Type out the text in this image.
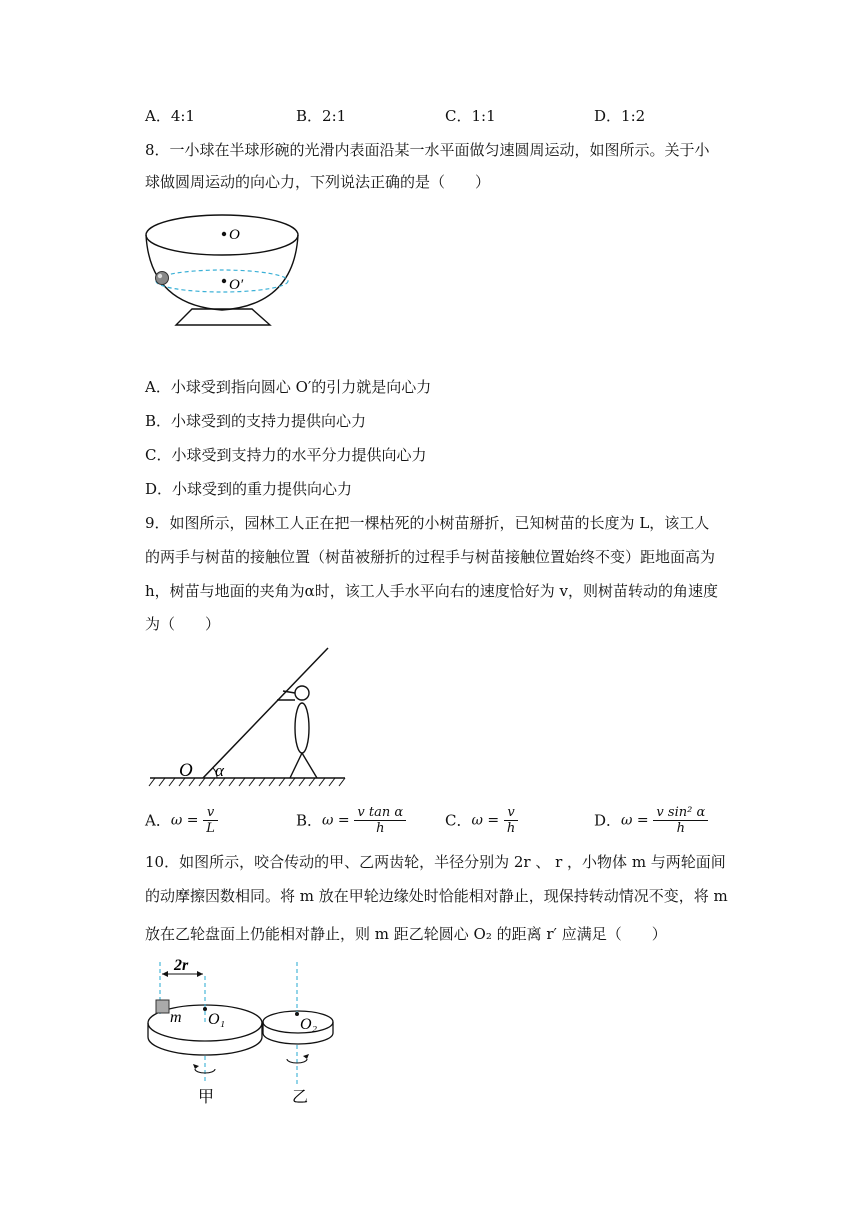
A．4:1	B．2:1	C．1:1	D．1:2
8．一小球在半球形碗的光滑内表面沿某一水平面做匀速圆周运动，如图所示。关于小
球做圆周运动的向心力，下列说法正确的是（　　）
O
O′
A．小球受到指向圆心 O′的引力就是向心力
B．小球受到的支持力提供向心力
C．小球受到支持力的水平分力提供向心力
D．小球受到的重力提供向心力
9．如图所示，园林工人正在把一棵枯死的小树苗掰折，已知树苗的长度为 L，该工人
的两手与树苗的接触位置（树苗被掰折的过程手与树苗接触位置始终不变）距地面高为
h，树苗与地面的夹角为α时，该工人手水平向右的速度恰好为 v，则树苗转动的角速度
为（　　）
O α
A．$\omega = \frac{v}{L}$	B．$\omega = \frac{\text{v tan α}}{h}$	C．$\omega = \frac{v}{h}$	D．$\omega = \frac{\text{v sin² α}}{h}$
10．如图所示，咬合传动的甲、乙两齿轮，半径分别为 2r 、 r ，小物体 m 与两轮面间
的动摩擦因数相同。将 m 放在甲轮边缘处时恰能相对静止，现保持转动情况不变，将 m
放在乙轮盘面上仍能相对静止，则 m 距乙轮圆心 O₂ 的距离 r′ 应满足（　　）
2r
m O₁	O₂
甲	乙
